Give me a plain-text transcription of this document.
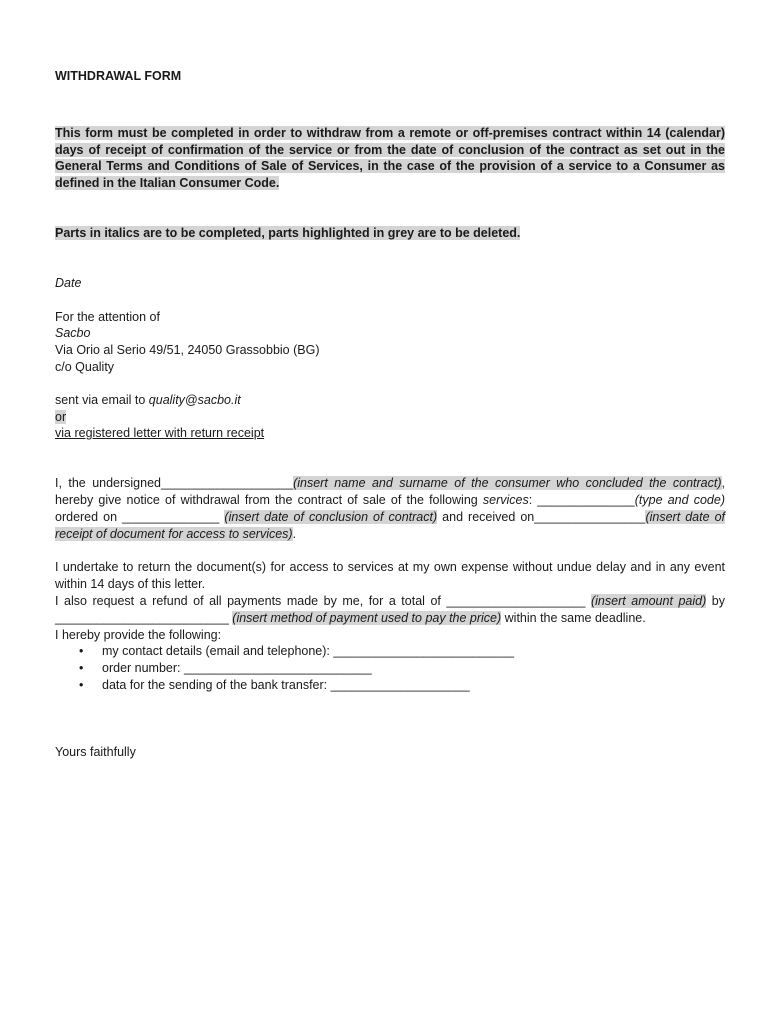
WITHDRAWAL FORM

This form must be completed in order to withdraw from a remote or off-premises contract within 14 (calendar) days of receipt of confirmation of the service or from the date of conclusion of the contract as set out in the General Terms and Conditions of Sale of Services, in the case of the provision of a service to a Consumer as defined in the Italian Consumer Code.

Parts in italics are to be completed, parts highlighted in grey are to be deleted.

Date

For the attention of
Sacbo
Via Orio al Serio 49/51, 24050 Grassobbio (BG)
c/o Quality
sent via email to quality@sacbo.it
or
via registered letter with return receipt

I, the undersigned___________________(insert name and surname of the consumer who concluded the contract), hereby give notice of withdrawal from the contract of sale of the following services: ______________(type and code) ordered on ______________ (insert date of conclusion of contract) and received on________________(insert date of receipt of document for access to services).

I undertake to return the document(s) for access to services at my own expense without undue delay and in any event within 14 days of this letter.
I also request a refund of all payments made by me, for a total of ____________________ (insert amount paid) by _________________________ (insert method of payment used to pay the price) within the same deadline.
I hereby provide the following:
• my contact details (email and telephone): __________________________
• order number: ___________________________
• data for the sending of the bank transfer: ____________________

Yours faithfully
